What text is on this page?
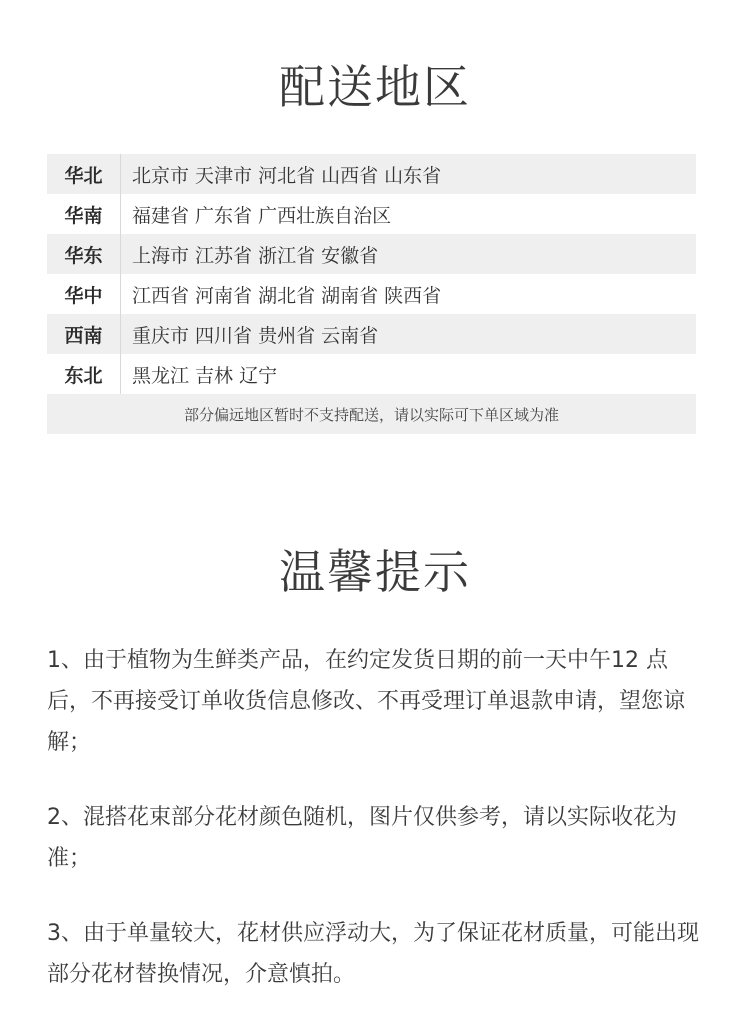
配送地区
华北	北京市 天津市 河北省 山西省 山东省
华南	福建省 广东省 广西壮族自治区
华东	上海市 江苏省 浙江省 安徽省
华中	江西省 河南省 湖北省 湖南省 陕西省
西南	重庆市 四川省 贵州省 云南省
东北	黑龙江 吉林 辽宁
部分偏远地区暂时不支持配送，请以实际可下单区域为准
温馨提示

1、由于植物为生鲜类产品，在约定发货日期的前一天中午12 点后，不再接受订单收货信息修改、不再受理订单退款申请，望您谅解；

2、混搭花束部分花材颜色随机，图片仅供参考，请以实际收花为准；

3、由于单量较大，花材供应浮动大，为了保证花材质量，可能出现部分花材替换情况，介意慎拍。
